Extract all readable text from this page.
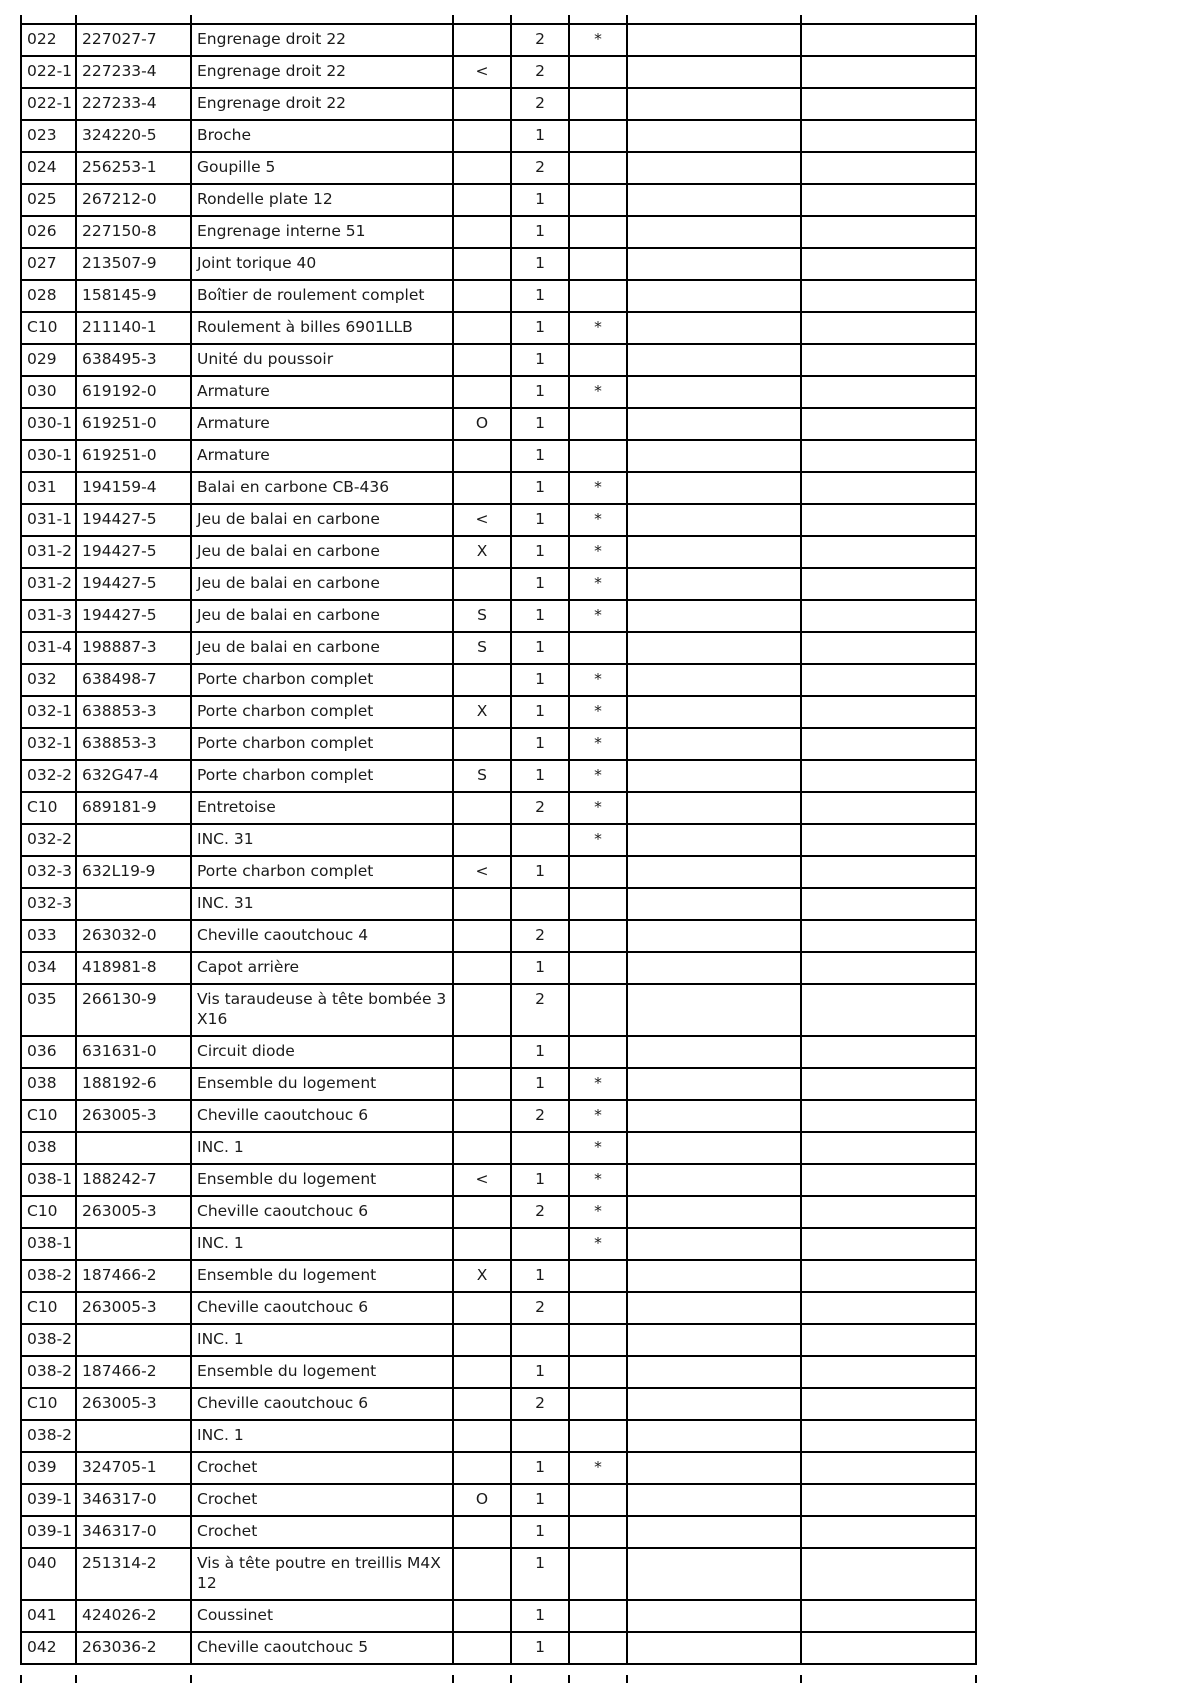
022	227027-7	Engrenage droit 22		2	*		
022-1	227233-4	Engrenage droit 22	<	2			
022-1	227233-4	Engrenage droit 22		2			
023	324220-5	Broche		1			
024	256253-1	Goupille 5		2			
025	267212-0	Rondelle plate 12		1			
026	227150-8	Engrenage interne 51		1			
027	213507-9	Joint torique 40		1			
028	158145-9	Boîtier de roulement complet		1			
C10	211140-1	Roulement à billes 6901LLB		1	*		
029	638495-3	Unité du poussoir		1			
030	619192-0	Armature		1	*		
030-1	619251-0	Armature	O	1			
030-1	619251-0	Armature		1			
031	194159-4	Balai en carbone CB-436		1	*		
031-1	194427-5	Jeu de balai en carbone	<	1	*		
031-2	194427-5	Jeu de balai en carbone	X	1	*		
031-2	194427-5	Jeu de balai en carbone		1	*		
031-3	194427-5	Jeu de balai en carbone	S	1	*		
031-4	198887-3	Jeu de balai en carbone	S	1			
032	638498-7	Porte charbon complet		1	*		
032-1	638853-3	Porte charbon complet	X	1	*		
032-1	638853-3	Porte charbon complet		1	*		
032-2	632G47-4	Porte charbon complet	S	1	*		
C10	689181-9	Entretoise		2	*		
032-2		INC. 31			*		
032-3	632L19-9	Porte charbon complet	<	1			
032-3		INC. 31					
033	263032-0	Cheville caoutchouc 4		2			
034	418981-8	Capot arrière		1			
035	266130-9	Vis taraudeuse à tête bombée 3X16		2			
036	631631-0	Circuit diode		1			
038	188192-6	Ensemble du logement		1	*		
C10	263005-3	Cheville caoutchouc 6		2	*		
038		INC. 1			*		
038-1	188242-7	Ensemble du logement	<	1	*		
C10	263005-3	Cheville caoutchouc 6		2	*		
038-1		INC. 1			*		
038-2	187466-2	Ensemble du logement	X	1			
C10	263005-3	Cheville caoutchouc 6		2			
038-2		INC. 1					
038-2	187466-2	Ensemble du logement		1			
C10	263005-3	Cheville caoutchouc 6		2			
038-2		INC. 1					
039	324705-1	Crochet		1	*		
039-1	346317-0	Crochet	O	1			
039-1	346317-0	Crochet		1			
040	251314-2	Vis à tête poutre en treillis M4X12		1			
041	424026-2	Coussinet		1			
042	263036-2	Cheville caoutchouc 5		1			
